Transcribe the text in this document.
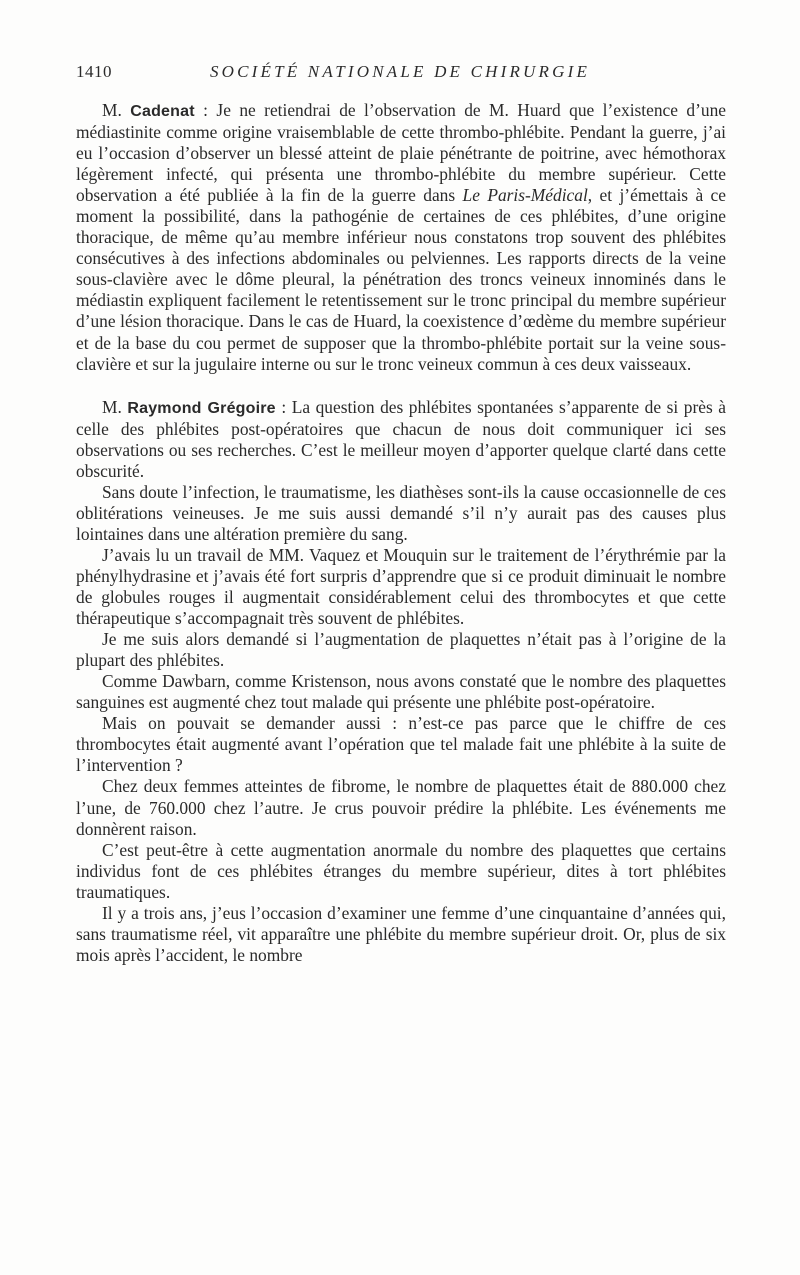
1410	SOCIÉTÉ NATIONALE DE CHIRURGIE

M. Cadenat : Je ne retiendrai de l’observation de M. Huard que l’existence d’une médiastinite comme origine vraisemblable de cette thrombo-phlébite. Pendant la guerre, j’ai eu l’occasion d’observer un blessé atteint de plaie pénétrante de poitrine, avec hémothorax légèrement infecté, qui présenta une thrombo-phlébite du membre supérieur. Cette observation a été publiée à la fin de la guerre dans Le Paris-Médical, et j’émettais à ce moment la possibilité, dans la pathogénie de certaines de ces phlébites, d’une origine thoracique, de même qu’au membre inférieur nous constatons trop souvent des phlébites consécutives à des infections abdominales ou pelviennes. Les rapports directs de la veine sous-clavière avec le dôme pleural, la pénétration des troncs veineux innominés dans le médiastin expliquent facilement le retentissement sur le tronc principal du membre supérieur d’une lésion thoracique. Dans le cas de Huard, la coexistence d’œdème du membre supérieur et de la base du cou permet de supposer que la thrombo-phlébite portait sur la veine sous-clavière et sur la jugulaire interne ou sur le tronc veineux commun à ces deux vaisseaux.

M. Raymond Grégoire : La question des phlébites spontanées s’apparente de si près à celle des phlébites post-opératoires que chacun de nous doit communiquer ici ses observations ou ses recherches. C’est le meilleur moyen d’apporter quelque clarté dans cette obscurité.

Sans doute l’infection, le traumatisme, les diathèses sont-ils la cause occasionnelle de ces oblitérations veineuses. Je me suis aussi demandé s’il n’y aurait pas des causes plus lointaines dans une altération première du sang.

J’avais lu un travail de MM. Vaquez et Mouquin sur le traitement de l’érythrémie par la phénylhydrasine et j’avais été fort surpris d’apprendre que si ce produit diminuait le nombre de globules rouges il augmentait considérablement celui des thrombocytes et que cette thérapeutique s’accompagnait très souvent de phlébites.

Je me suis alors demandé si l’augmentation de plaquettes n’était pas à l’origine de la plupart des phlébites.

Comme Dawbarn, comme Kristenson, nous avons constaté que le nombre des plaquettes sanguines est augmenté chez tout malade qui présente une phlébite post-opératoire.

Mais on pouvait se demander aussi : n’est-ce pas parce que le chiffre de ces thrombocytes était augmenté avant l’opération que tel malade fait une phlébite à la suite de l’intervention ?

Chez deux femmes atteintes de fibrome, le nombre de plaquettes était de 880.000 chez l’une, de 760.000 chez l’autre. Je crus pouvoir prédire la phlébite. Les événements me donnèrent raison.

C’est peut-être à cette augmentation anormale du nombre des plaquettes que certains individus font de ces phlébites étranges du membre supérieur, dites à tort phlébites traumatiques.

Il y a trois ans, j’eus l’occasion d’examiner une femme d’une cinquantaine d’années qui, sans traumatisme réel, vit apparaître une phlébite du membre supérieur droit. Or, plus de six mois après l’accident, le nombre
